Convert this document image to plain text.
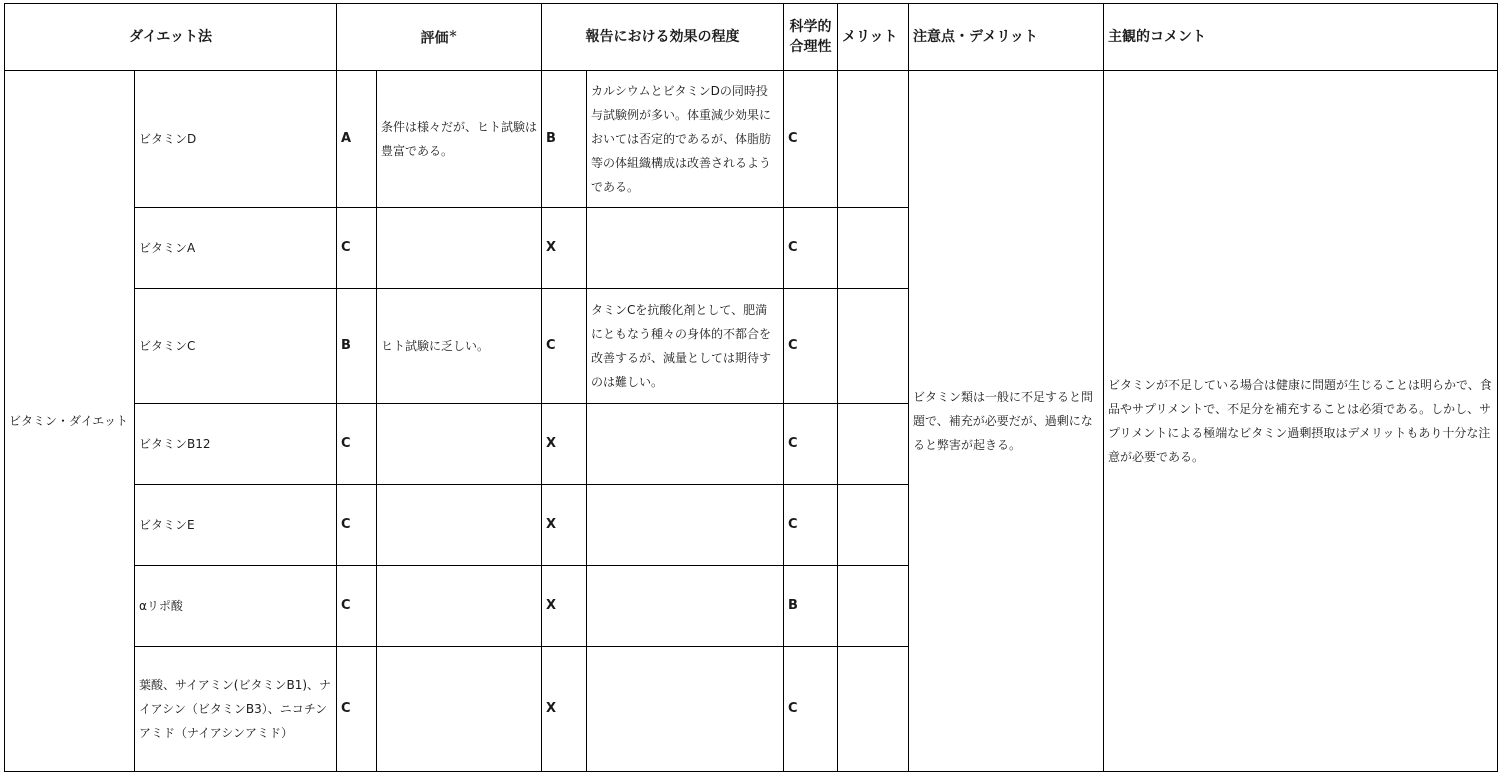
ダイエット法		評価＊		報告における効果の程度		科学的
合理性	メリット	注意点・デメリット	主観的コメント
ビタミン・ダイエット	ビタミンD	A	条件は様々だが、ヒト試験は豊富である。	B	カルシウムとビタミンDの同時投与試験例が多い。体重減少効果においては否定的であるが、体脂肪等の体組織構成は改善されるようである。	C		ビタミン類は一般に不足すると問題で、補充が必要だが、過剰になると弊害が起きる。	ビタミンが不足している場合は健康に問題が生じることは明らかで、食品やサプリメントで、不足分を補充することは必須である。しかし、サプリメントによる極端なビタミン過剰摂取はデメリットもあり十分な注意が必要である。
	ビタミンA	C		X		C			
	ビタミンC	B	ヒト試験に乏しい。	C	タミンCを抗酸化剤として、肥満にともなう種々の身体的不都合を改善するが、減量としては期待すのは難しい。	C			
	ビタミンB12	C		X		C			
	ビタミンE	C		X		C			
	αリポ酸	C		X		B			
	葉酸、サイアミン(ビタミンB1)、ナイアシン（ビタミンB3）、ニコチンアミド（ナイアシンアミド）	C		X		C			
